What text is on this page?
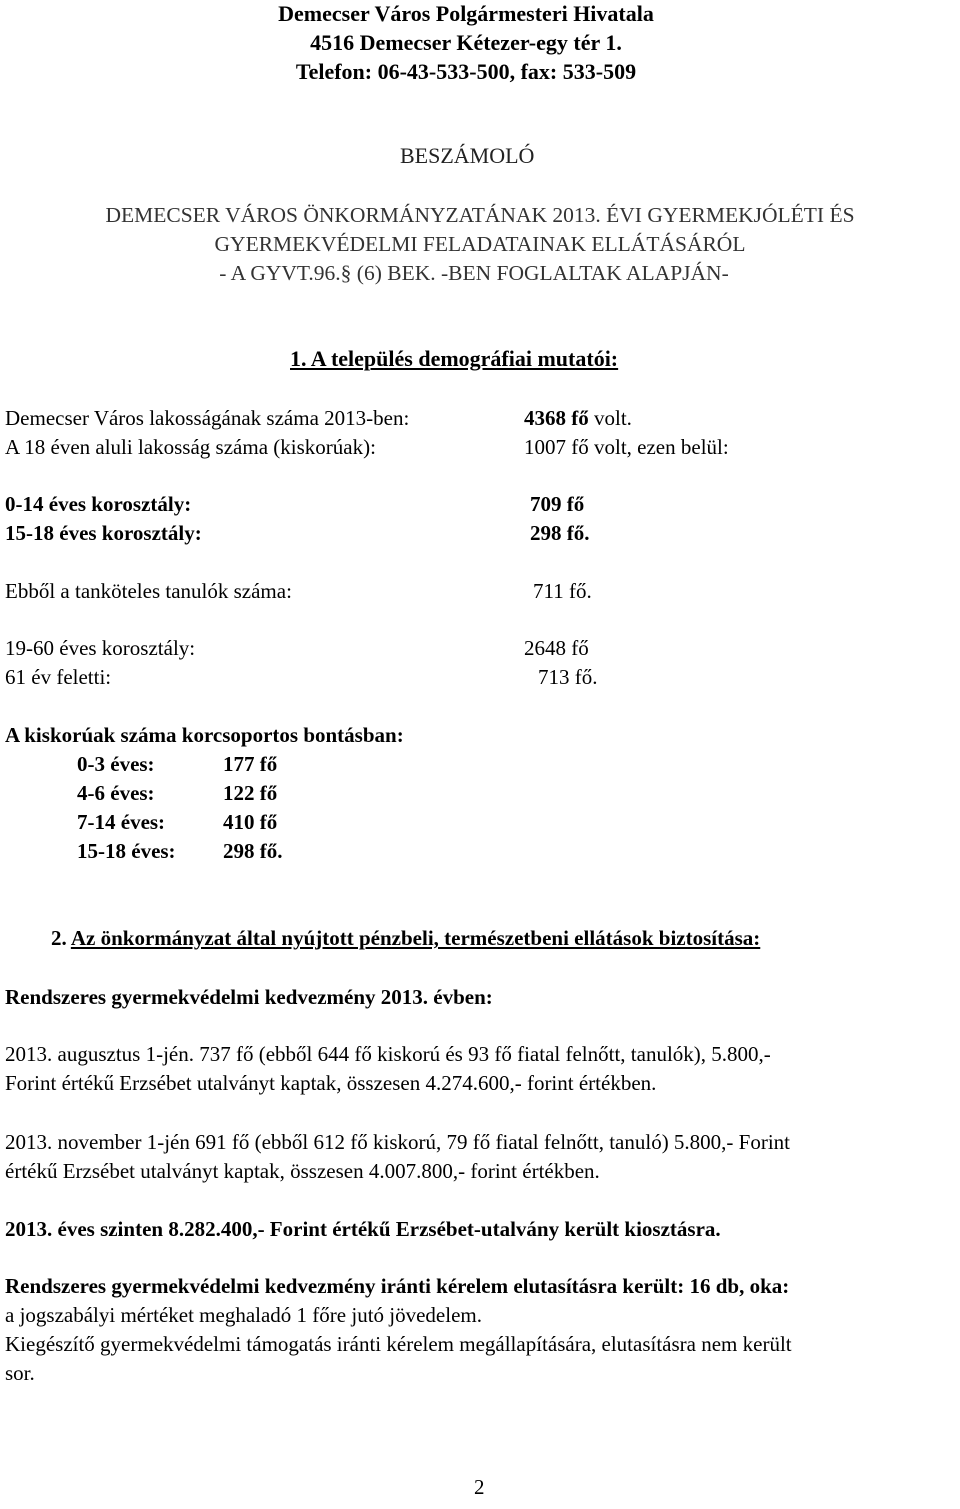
Demecser Város Polgármesteri Hivatala
4516 Demecser Kétezer-egy tér 1.
Telefon: 06-43-533-500, fax: 533-509
BESZÁMOLÓ
DEMECSER VÁROS ÖNKORMÁNYZATÁNAK 2013. ÉVI GYERMEKJÓLÉTI ÉS
GYERMEKVÉDELMI FELADATAINAK ELLÁTÁSÁRÓL
- A GYVT.96.§ (6) BEK. -BEN FOGLALTAK ALAPJÁN-
1. A település demográfiai mutatói:
Demecser Város lakosságának száma 2013-ben:	4368 fő volt.
A 18 éven aluli lakosság száma (kiskorúak):	1007 fő volt, ezen belül:
0-14 éves korosztály:	709 fő
15-18 éves korosztály:	298 fő.
Ebből a tanköteles tanulók száma:	711 fő.
19-60 éves korosztály:	2648 fő
61 év feletti:	713 fő.
A kiskorúak száma korcsoportos bontásban:
0-3 éves:	177 fő
4-6 éves:	122 fő
7-14 éves:	410 fő
15-18 éves: 298 fő.
2. Az önkormányzat által nyújtott pénzbeli, természetbeni ellátások biztosítása:
Rendszeres gyermekvédelmi kedvezmény 2013. évben:
2013. augusztus 1-jén. 737 fő (ebből 644 fő kiskorú és 93 fő fiatal felnőtt, tanulók), 5.800,-
Forint értékű Erzsébet utalványt kaptak, összesen 4.274.600,- forint értékben.
2013. november 1-jén 691 fő (ebből 612 fő kiskorú, 79 fő fiatal felnőtt, tanuló) 5.800,- Forint
értékű Erzsébet utalványt kaptak, összesen 4.007.800,- forint értékben.
2013. éves szinten 8.282.400,- Forint értékű Erzsébet-utalvány került kiosztásra.
Rendszeres gyermekvédelmi kedvezmény iránti kérelem elutasításra került: 16 db, oka:
a jogszabályi mértéket meghaladó 1 főre jutó jövedelem.
Kiegészítő gyermekvédelmi támogatás iránti kérelem megállapítására, elutasításra nem került
sor.
2
